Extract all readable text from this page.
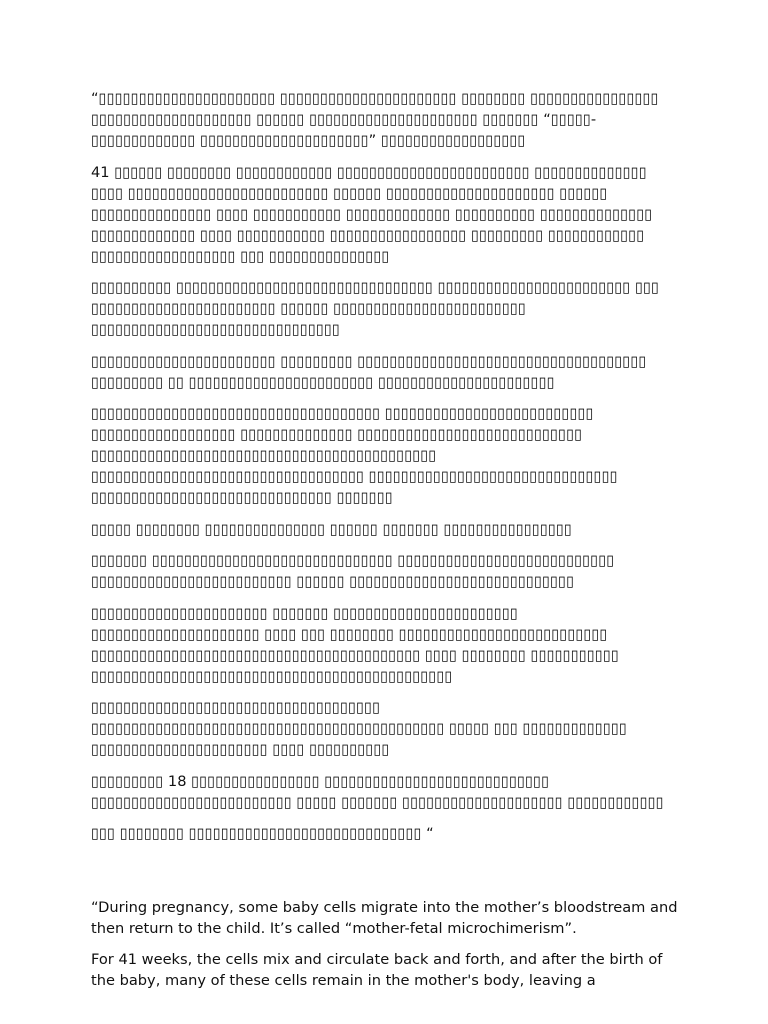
“▯▯▯▯▯▯▯▯▯▯▯▯▯▯▯▯▯▯▯▯▯▯ ▯▯▯▯▯▯▯▯▯▯▯▯▯▯▯▯▯▯▯▯▯▯ ▯▯▯▯▯▯▯▯ ▯▯▯▯▯▯▯▯▯▯▯▯▯▯▯▯ ▯▯▯▯▯▯▯▯▯▯▯▯▯▯▯▯▯▯▯▯ ▯▯▯▯▯▯ ▯▯▯▯▯▯▯▯▯▯▯▯▯▯▯▯▯▯▯▯▯ ▯▯▯▯▯▯▯ “▯▯▯▯▯-▯▯▯▯▯▯▯▯▯▯▯▯▯ ▯▯▯▯▯▯▯▯▯▯▯▯▯▯▯▯▯▯▯▯▯” ▯▯▯▯▯▯▯▯▯▯▯▯▯▯▯▯▯▯

41 ▯▯▯▯▯▯ ▯▯▯▯▯▯▯▯ ▯▯▯▯▯▯▯▯▯▯▯▯ ▯▯▯▯▯▯▯▯▯▯▯▯▯▯▯▯▯▯▯▯▯▯▯▯ ▯▯▯▯▯▯▯▯▯▯▯▯▯▯ ▯▯▯▯ ▯▯▯▯▯▯▯▯▯▯▯▯▯▯▯▯▯▯▯▯▯▯▯▯▯ ▯▯▯▯▯▯ ▯▯▯▯▯▯▯▯▯▯▯▯▯▯▯▯▯▯▯▯▯ ▯▯▯▯▯▯ ▯▯▯▯▯▯▯▯▯▯▯▯▯▯▯ ▯▯▯▯ ▯▯▯▯▯▯▯▯▯▯▯ ▯▯▯▯▯▯▯▯▯▯▯▯▯ ▯▯▯▯▯▯▯▯▯▯ ▯▯▯▯▯▯▯▯▯▯▯▯▯▯ ▯▯▯▯▯▯▯▯▯▯▯▯▯ ▯▯▯▯ ▯▯▯▯▯▯▯▯▯▯▯ ▯▯▯▯▯▯▯▯▯▯▯▯▯▯▯▯▯ ▯▯▯▯▯▯▯▯▯ ▯▯▯▯▯▯▯▯▯▯▯▯ ▯▯▯▯▯▯▯▯▯▯▯▯▯▯▯▯▯▯ ▯▯▯ ▯▯▯▯▯▯▯▯▯▯▯▯▯▯▯

▯▯▯▯▯▯▯▯▯▯ ▯▯▯▯▯▯▯▯▯▯▯▯▯▯▯▯▯▯▯▯▯▯▯▯▯▯▯▯▯▯▯▯ ▯▯▯▯▯▯▯▯▯▯▯▯▯▯▯▯▯▯▯▯▯▯▯▯ ▯▯▯ ▯▯▯▯▯▯▯▯▯▯▯▯▯▯▯▯▯▯▯▯▯▯▯ ▯▯▯▯▯▯ ▯▯▯▯▯▯▯▯▯▯▯▯▯▯▯▯▯▯▯▯▯▯▯▯ ▯▯▯▯▯▯▯▯▯▯▯▯▯▯▯▯▯▯▯▯▯▯▯▯▯▯▯▯▯▯▯

▯▯▯▯▯▯▯▯▯▯▯▯▯▯▯▯▯▯▯▯▯▯▯ ▯▯▯▯▯▯▯▯▯ ▯▯▯▯▯▯▯▯▯▯▯▯▯▯▯▯▯▯▯▯▯▯▯▯▯▯▯▯▯▯▯▯▯▯▯▯ ▯▯▯▯▯▯▯▯▯ ▯▯ ▯▯▯▯▯▯▯▯▯▯▯▯▯▯▯▯▯▯▯▯▯▯▯ ▯▯▯▯▯▯▯▯▯▯▯▯▯▯▯▯▯▯▯▯▯▯

▯▯▯▯▯▯▯▯▯▯▯▯▯▯▯▯▯▯▯▯▯▯▯▯▯▯▯▯▯▯▯▯▯▯▯▯ ▯▯▯▯▯▯▯▯▯▯▯▯▯▯▯▯▯▯▯▯▯▯▯▯▯▯ ▯▯▯▯▯▯▯▯▯▯▯▯▯▯▯▯▯▯ ▯▯▯▯▯▯▯▯▯▯▯▯▯▯ ▯▯▯▯▯▯▯▯▯▯▯▯▯▯▯▯▯▯▯▯▯▯▯▯▯▯▯▯ ▯▯▯▯▯▯▯▯▯▯▯▯▯▯▯▯▯▯▯▯▯▯▯▯▯▯▯▯▯▯▯▯▯▯▯▯▯▯▯▯▯▯▯ ▯▯▯▯▯▯▯▯▯▯▯▯▯▯▯▯▯▯▯▯▯▯▯▯▯▯▯▯▯▯▯▯▯▯ ▯▯▯▯▯▯▯▯▯▯▯▯▯▯▯▯▯▯▯▯▯▯▯▯▯▯▯▯▯▯▯ ▯▯▯▯▯▯▯▯▯▯▯▯▯▯▯▯▯▯▯▯▯▯▯▯▯▯▯▯▯▯ ▯▯▯▯▯▯▯

▯▯▯▯▯ ▯▯▯▯▯▯▯▯ ▯▯▯▯▯▯▯▯▯▯▯▯▯▯▯ ▯▯▯▯▯▯ ▯▯▯▯▯▯▯ ▯▯▯▯▯▯▯▯▯▯▯▯▯▯▯▯

▯▯▯▯▯▯▯ ▯▯▯▯▯▯▯▯▯▯▯▯▯▯▯▯▯▯▯▯▯▯▯▯▯▯▯▯▯▯ ▯▯▯▯▯▯▯▯▯▯▯▯▯▯▯▯▯▯▯▯▯▯▯▯▯▯▯ ▯▯▯▯▯▯▯▯▯▯▯▯▯▯▯▯▯▯▯▯▯▯▯▯▯ ▯▯▯▯▯▯ ▯▯▯▯▯▯▯▯▯▯▯▯▯▯▯▯▯▯▯▯▯▯▯▯▯▯▯▯

▯▯▯▯▯▯▯▯▯▯▯▯▯▯▯▯▯▯▯▯▯▯ ▯▯▯▯▯▯▯ ▯▯▯▯▯▯▯▯▯▯▯▯▯▯▯▯▯▯▯▯▯▯▯ ▯▯▯▯▯▯▯▯▯▯▯▯▯▯▯▯▯▯▯▯▯ ▯▯▯▯ ▯▯▯ ▯▯▯▯▯▯▯▯ ▯▯▯▯▯▯▯▯▯▯▯▯▯▯▯▯▯▯▯▯▯▯▯▯▯▯ ▯▯▯▯▯▯▯▯▯▯▯▯▯▯▯▯▯▯▯▯▯▯▯▯▯▯▯▯▯▯▯▯▯▯▯▯▯▯▯▯▯ ▯▯▯▯ ▯▯▯▯▯▯▯▯ ▯▯▯▯▯▯▯▯▯▯▯ ▯▯▯▯▯▯▯▯▯▯▯▯▯▯▯▯▯▯▯▯▯▯▯▯▯▯▯▯▯▯▯▯▯▯▯▯▯▯▯▯▯▯▯▯▯

▯▯▯▯▯▯▯▯▯▯▯▯▯▯▯▯▯▯▯▯▯▯▯▯▯▯▯▯▯▯▯▯▯▯▯▯ ▯▯▯▯▯▯▯▯▯▯▯▯▯▯▯▯▯▯▯▯▯▯▯▯▯▯▯▯▯▯▯▯▯▯▯▯▯▯▯▯▯▯▯▯ ▯▯▯▯▯ ▯▯▯ ▯▯▯▯▯▯▯▯▯▯▯▯▯ ▯▯▯▯▯▯▯▯▯▯▯▯▯▯▯▯▯▯▯▯▯▯ ▯▯▯▯ ▯▯▯▯▯▯▯▯▯▯

▯▯▯▯▯▯▯▯▯ 18 ▯▯▯▯▯▯▯▯▯▯▯▯▯▯▯▯ ▯▯▯▯▯▯▯▯▯▯▯▯▯▯▯▯▯▯▯▯▯▯▯▯▯▯▯▯ ▯▯▯▯▯▯▯▯▯▯▯▯▯▯▯▯▯▯▯▯▯▯▯▯▯ ▯▯▯▯▯ ▯▯▯▯▯▯▯ ▯▯▯▯▯▯▯▯▯▯▯▯▯▯▯▯▯▯▯▯ ▯▯▯▯▯▯▯▯▯▯▯▯

▯▯▯ ▯▯▯▯▯▯▯▯ ▯▯▯▯▯▯▯▯▯▯▯▯▯▯▯▯▯▯▯▯▯▯▯▯▯▯▯▯▯ “

“During pregnancy, some baby cells migrate into the mother’s bloodstream and then return to the child. It’s called “mother-fetal microchimerism”.

For 41 weeks, the cells mix and circulate back and forth, and after the birth of the baby, many of these cells remain in the mother's body, leaving a
